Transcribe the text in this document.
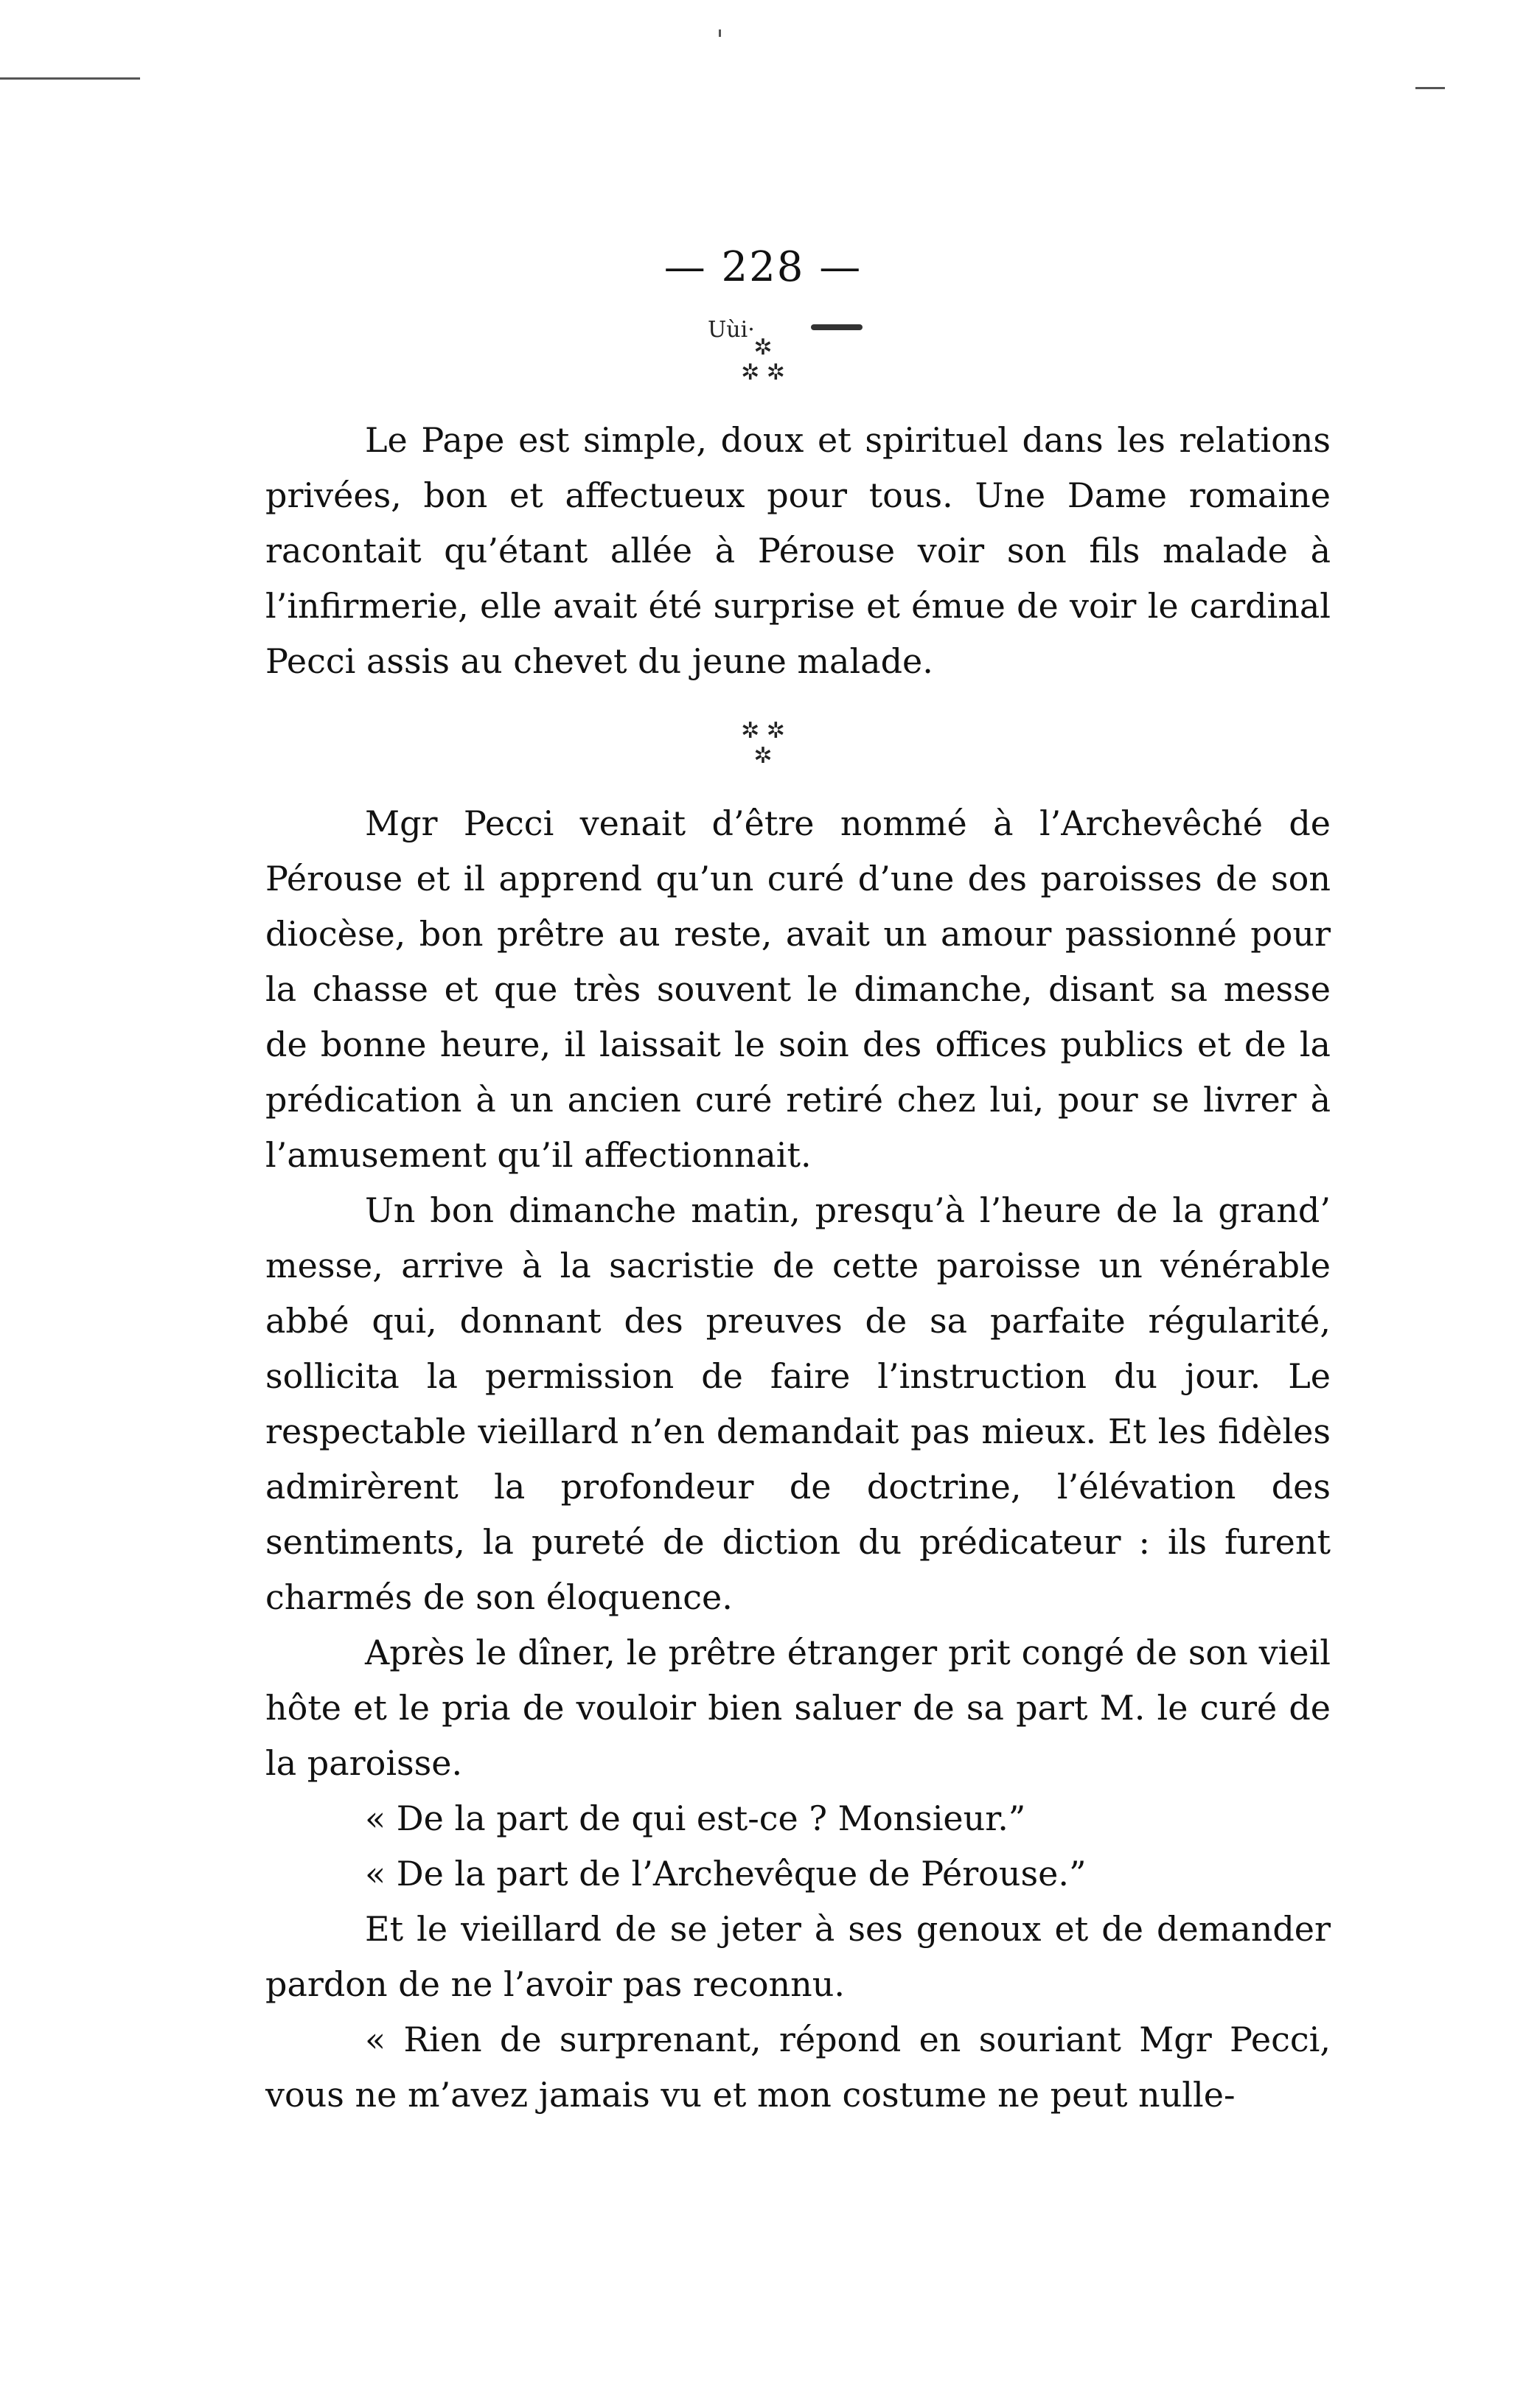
— 228 —
Uùi·
✲
✲ ✲

Le Pape est simple, doux et spirituel dans les relations privées, bon et affectueux pour tous. Une Dame romaine racontait qu’étant allée à Pérouse voir son fils malade à l’infirmerie, elle avait été surprise et émue de voir le cardinal Pecci assis au chevet du jeune malade.

✲ ✲
✲

Mgr Pecci venait d’être nommé à l’Archevêché de Pérouse et il apprend qu’un curé d’une des paroisses de son diocèse, bon prêtre au reste, avait un amour passionné pour la chasse et que très souvent le dimanche, disant sa messe de bonne heure, il laissait le soin des offices publics et de la prédication à un ancien curé retiré chez lui, pour se livrer à l’amusement qu’il affectionnait.

Un bon dimanche matin, presqu’à l’heure de la grand’ messe, arrive à la sacristie de cette paroisse un vénérable abbé qui, donnant des preuves de sa parfaite régularité, sollicita la permission de faire l’instruction du jour. Le respectable vieillard n’en demandait pas mieux. Et les fidèles admirèrent la profondeur de doctrine, l’élévation des sentiments, la pureté de diction du prédicateur : ils furent charmés de son éloquence.

Après le dîner, le prêtre étranger prit congé de son vieil hôte et le pria de vouloir bien saluer de sa part M. le curé de la paroisse.

« De la part de qui est-ce ? Monsieur.”

« De la part de l’Archevêque de Pérouse.”

Et le vieillard de se jeter à ses genoux et de demander pardon de ne l’avoir pas reconnu.

« Rien de surprenant, répond en souriant Mgr Pecci, vous ne m’avez jamais vu et mon costume ne peut nulle-
